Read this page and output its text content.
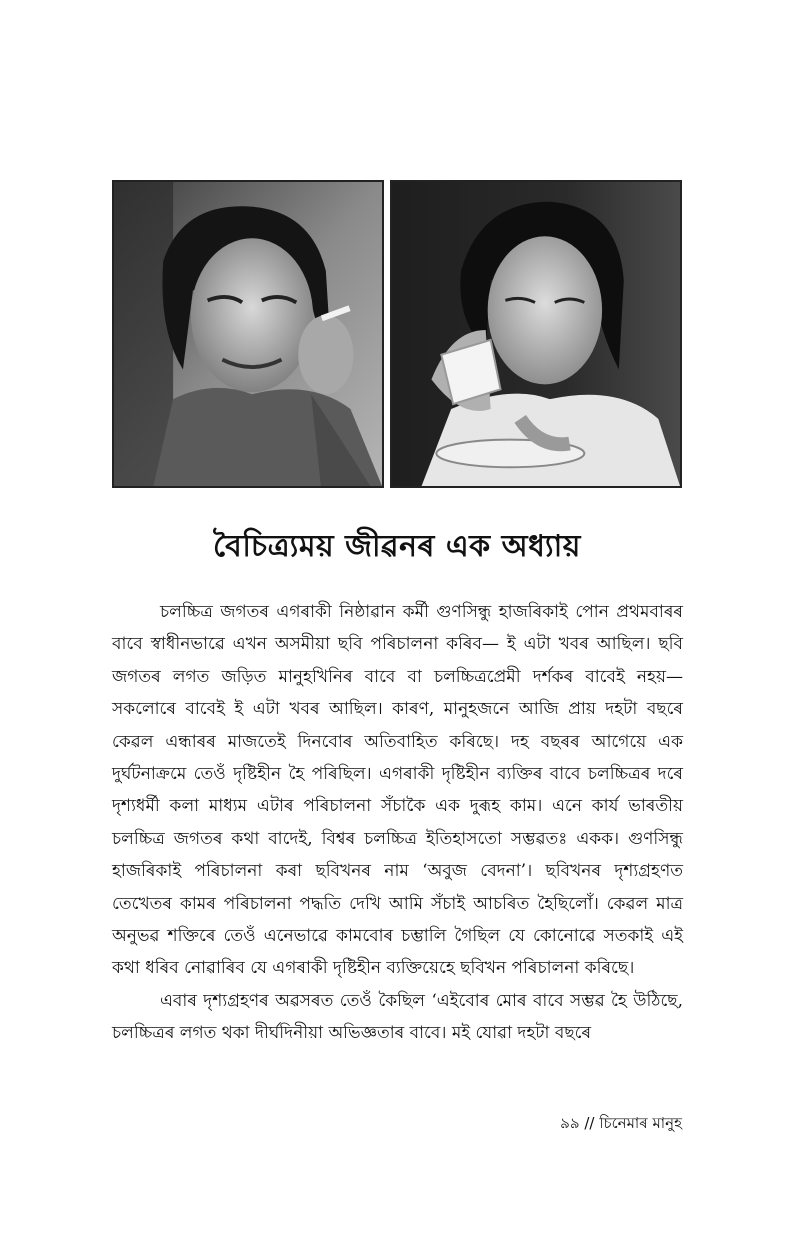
বৈচিত্ৰ্যময় জীৱনৰ এক অধ্যায়

চলচ্চিত্ৰ জগতৰ এগৰাকী নিষ্ঠাৱান কৰ্মী গুণসিন্ধু হাজৰিকাই পোন প্ৰথমবাৰৰ বাবে স্বাধীনভাৱে এখন অসমীয়া ছবি পৰিচালনা কৰিব— ই এটা খবৰ আছিল। ছবি জগতৰ লগত জড়িত মানুহখিনিৰ বাবে বা চলচ্চিত্ৰপ্ৰেমী দৰ্শকৰ বাবেই নহয়— সকলোৰে বাবেই ই এটা খবৰ আছিল। কাৰণ, মানুহজনে আজি প্ৰায় দহটা বছৰে কেৱল এন্ধাৰৰ মাজতেই দিনবোৰ অতিবাহিত কৰিছে। দহ বছৰৰ আগেয়ে এক দুৰ্ঘটনাক্ৰমে তেওঁ দৃষ্টিহীন হৈ পৰিছিল। এগৰাকী দৃষ্টিহীন ব্যক্তিৰ বাবে চলচ্চিত্ৰৰ দৰে দৃশ্যধৰ্মী কলা মাধ্যম এটাৰ পৰিচালনা সঁচাকৈ এক দুৰূহ কাম। এনে কাৰ্য ভাৰতীয় চলচ্চিত্ৰ জগতৰ কথা বাদেই, বিশ্বৰ চলচ্চিত্ৰ ইতিহাসতো সম্ভৱতঃ একক। গুণসিন্ধু হাজৰিকাই পৰিচালনা কৰা ছবিখনৰ নাম ‘অবুজ বেদনা’। ছবিখনৰ দৃশ্যগ্ৰহণত তেখেতৰ কামৰ পৰিচালনা পদ্ধতি দেখি আমি সঁচাই আচৰিত হৈছিলোঁ। কেৱল মাত্ৰ অনুভৱ শক্তিৰে তেওঁ এনেভাৱে কামবোৰ চম্ভালি গৈছিল যে কোনোৱে সতকাই এই কথা ধৰিব নোৱাৰিব যে এগৰাকী দৃষ্টিহীন ব্যক্তিয়েহে ছবিখন পৰিচালনা কৰিছে।

এবাৰ দৃশ্যগ্ৰহণৰ অৱসৰত তেওঁ কৈছিল ‘এইবোৰ মোৰ বাবে সম্ভৱ হৈ উঠিছে, চলচ্চিত্ৰৰ লগত থকা দীৰ্ঘদিনীয়া অভিজ্ঞতাৰ বাবে। মই যোৱা দহটা বছৰে

৯৯ // চিনেমাৰ মানুহ
